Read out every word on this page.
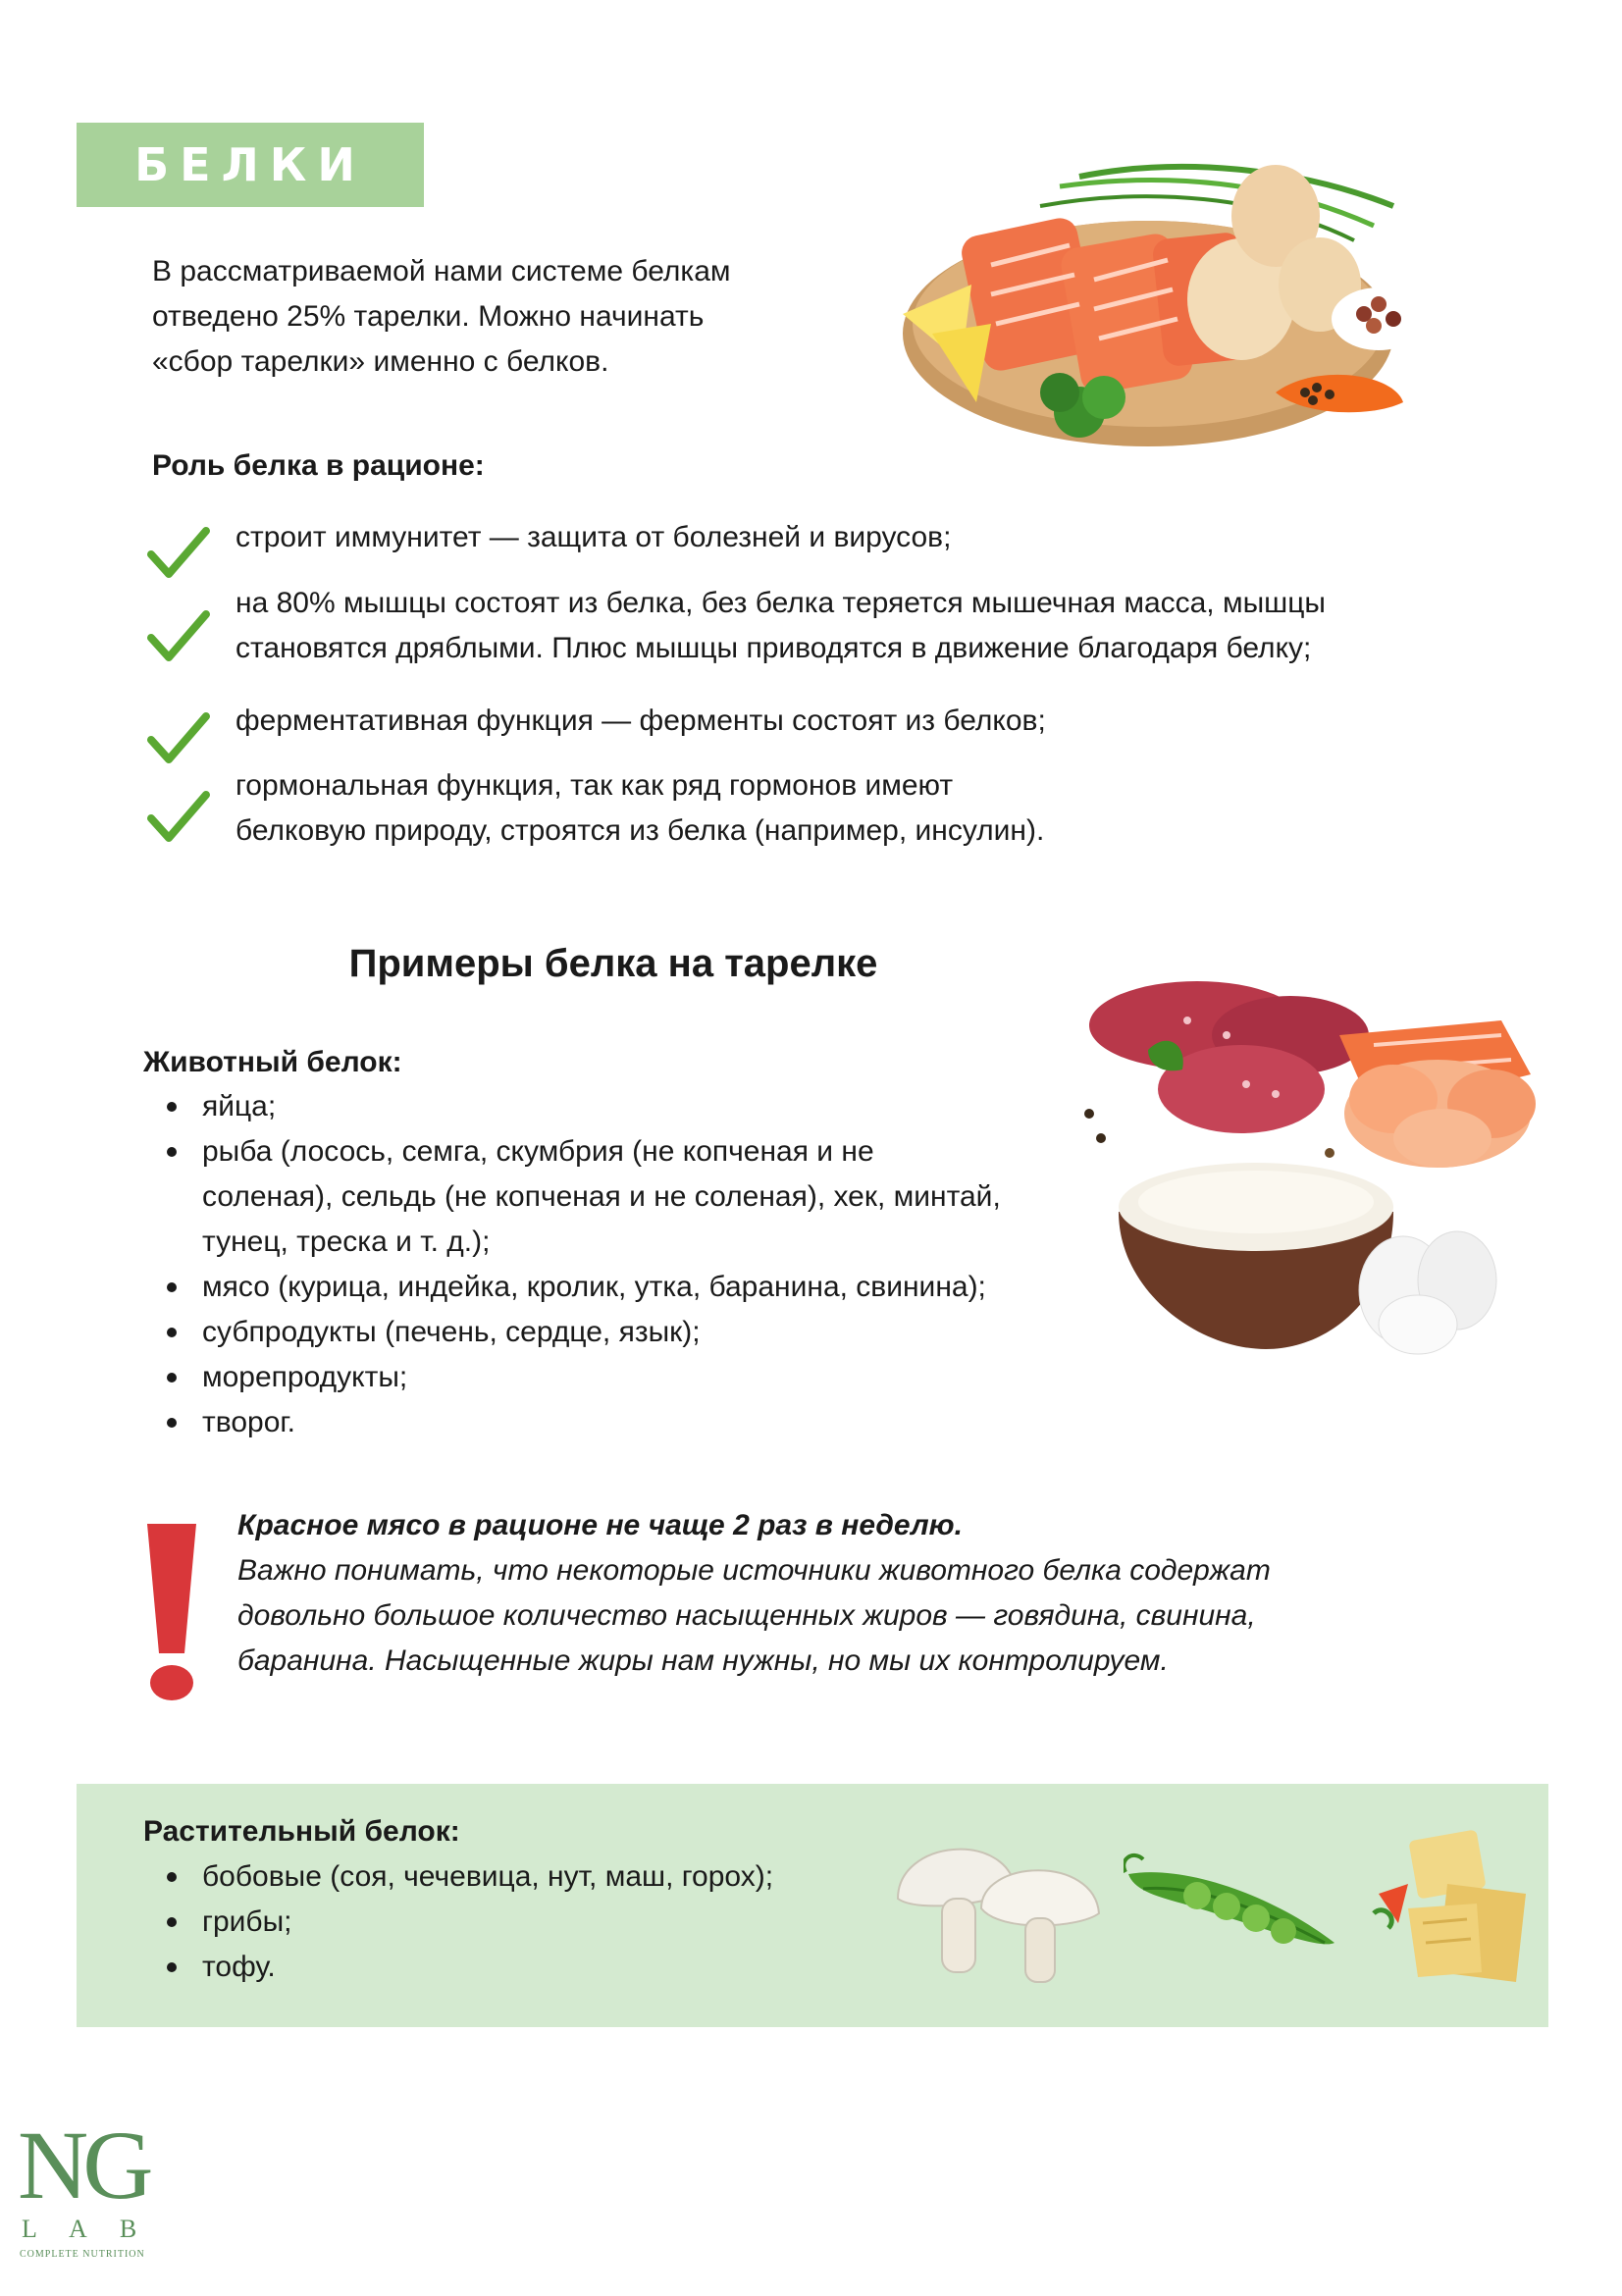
БЕЛКИ
В рассматриваемой нами системе белкам
отведено 25% тарелки. Можно начинать
«сбор тарелки» именно с белков.
Роль белка в рационе:
строит иммунитет — защита от болезней и вирусов;
на 80% мышцы состоят из белка, без белка теряется мышечная масса, мышцы
становятся дряблыми. Плюс мышцы приводятся в движение благодаря белку;
ферментативная функция — ферменты состоят из белков;
гормональная функция, так как ряд гормонов имеют
белковую природу, строятся из белка (например, инсулин).
Примеры белка на тарелке
Животный белок:
яйца;
рыба (лосось, семга, скумбрия (не копченая и не
соленая), сельдь (не копченая и не соленая), хек, минтай,
тунец, треска и т. д.);
мясо (курица, индейка, кролик, утка, баранина, свинина);
субпродукты (печень, сердце, язык);
морепродукты;
творог.
Красное мясо в рационе не чаще 2 раз в неделю.
Важно понимать, что некоторые источники животного белка содержат
довольно большое количество насыщенных жиров — говядина, свинина,
баранина. Насыщенные жиры нам нужны, но мы их контролируем.
Растительный белок:
бобовые (соя, чечевица, нут, маш, горох);
грибы;
тофу.
NG
L A B
COMPLETE NUTRITION
